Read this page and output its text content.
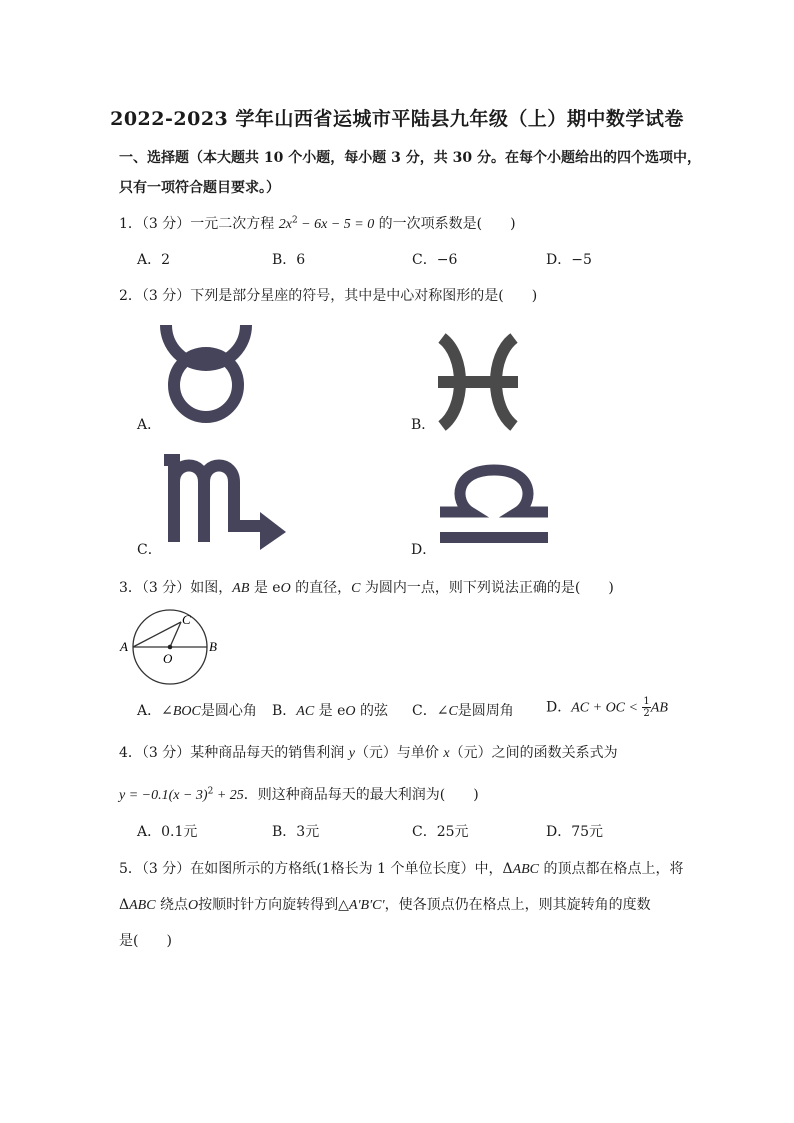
2022-2023 学年山西省运城市平陆县九年级（上）期中数学试卷
一、选择题（本大题共 10 个小题，每小题 3 分，共 30 分。在每个小题给出的四个选项中，
只有一项符合题目要求。）
1．（3 分）一元二次方程 $2x^2 - 6x - 5 = 0$ 的一次项系数是(　　)
A．2	B．6	C．−6	D．−5
2．（3 分）下列是部分星座的符号，其中是中心对称图形的是(　　)
A．	B．
C．	D．
3．（3 分）如图，AB 是 eO 的直径，C 为圆内一点，则下列说法正确的是(　　)
A	B
C
O
A．∠BOC是圆心角 B．AC 是 eO 的弦 C．∠C是圆周角 D．AC + OC < $\frac{1}{2}$ AB
4．（3 分）某种商品每天的销售利润 y（元）与单价 x（元）之间的函数关系式为
$y = -0.1(x - 3)^2 + 25$．则这种商品每天的最大利润为(　　)
A．0.1元	B．3元	C．25元	D．75元
5．（3 分）在如图所示的方格纸(1格长为 1 个单位长度）中，ΔABC 的顶点都在格点上，将
ΔABC 绕点O按顺时针方向旋转得到△A′B′C′，使各顶点仍在格点上，则其旋转角的度数
是(　　)
